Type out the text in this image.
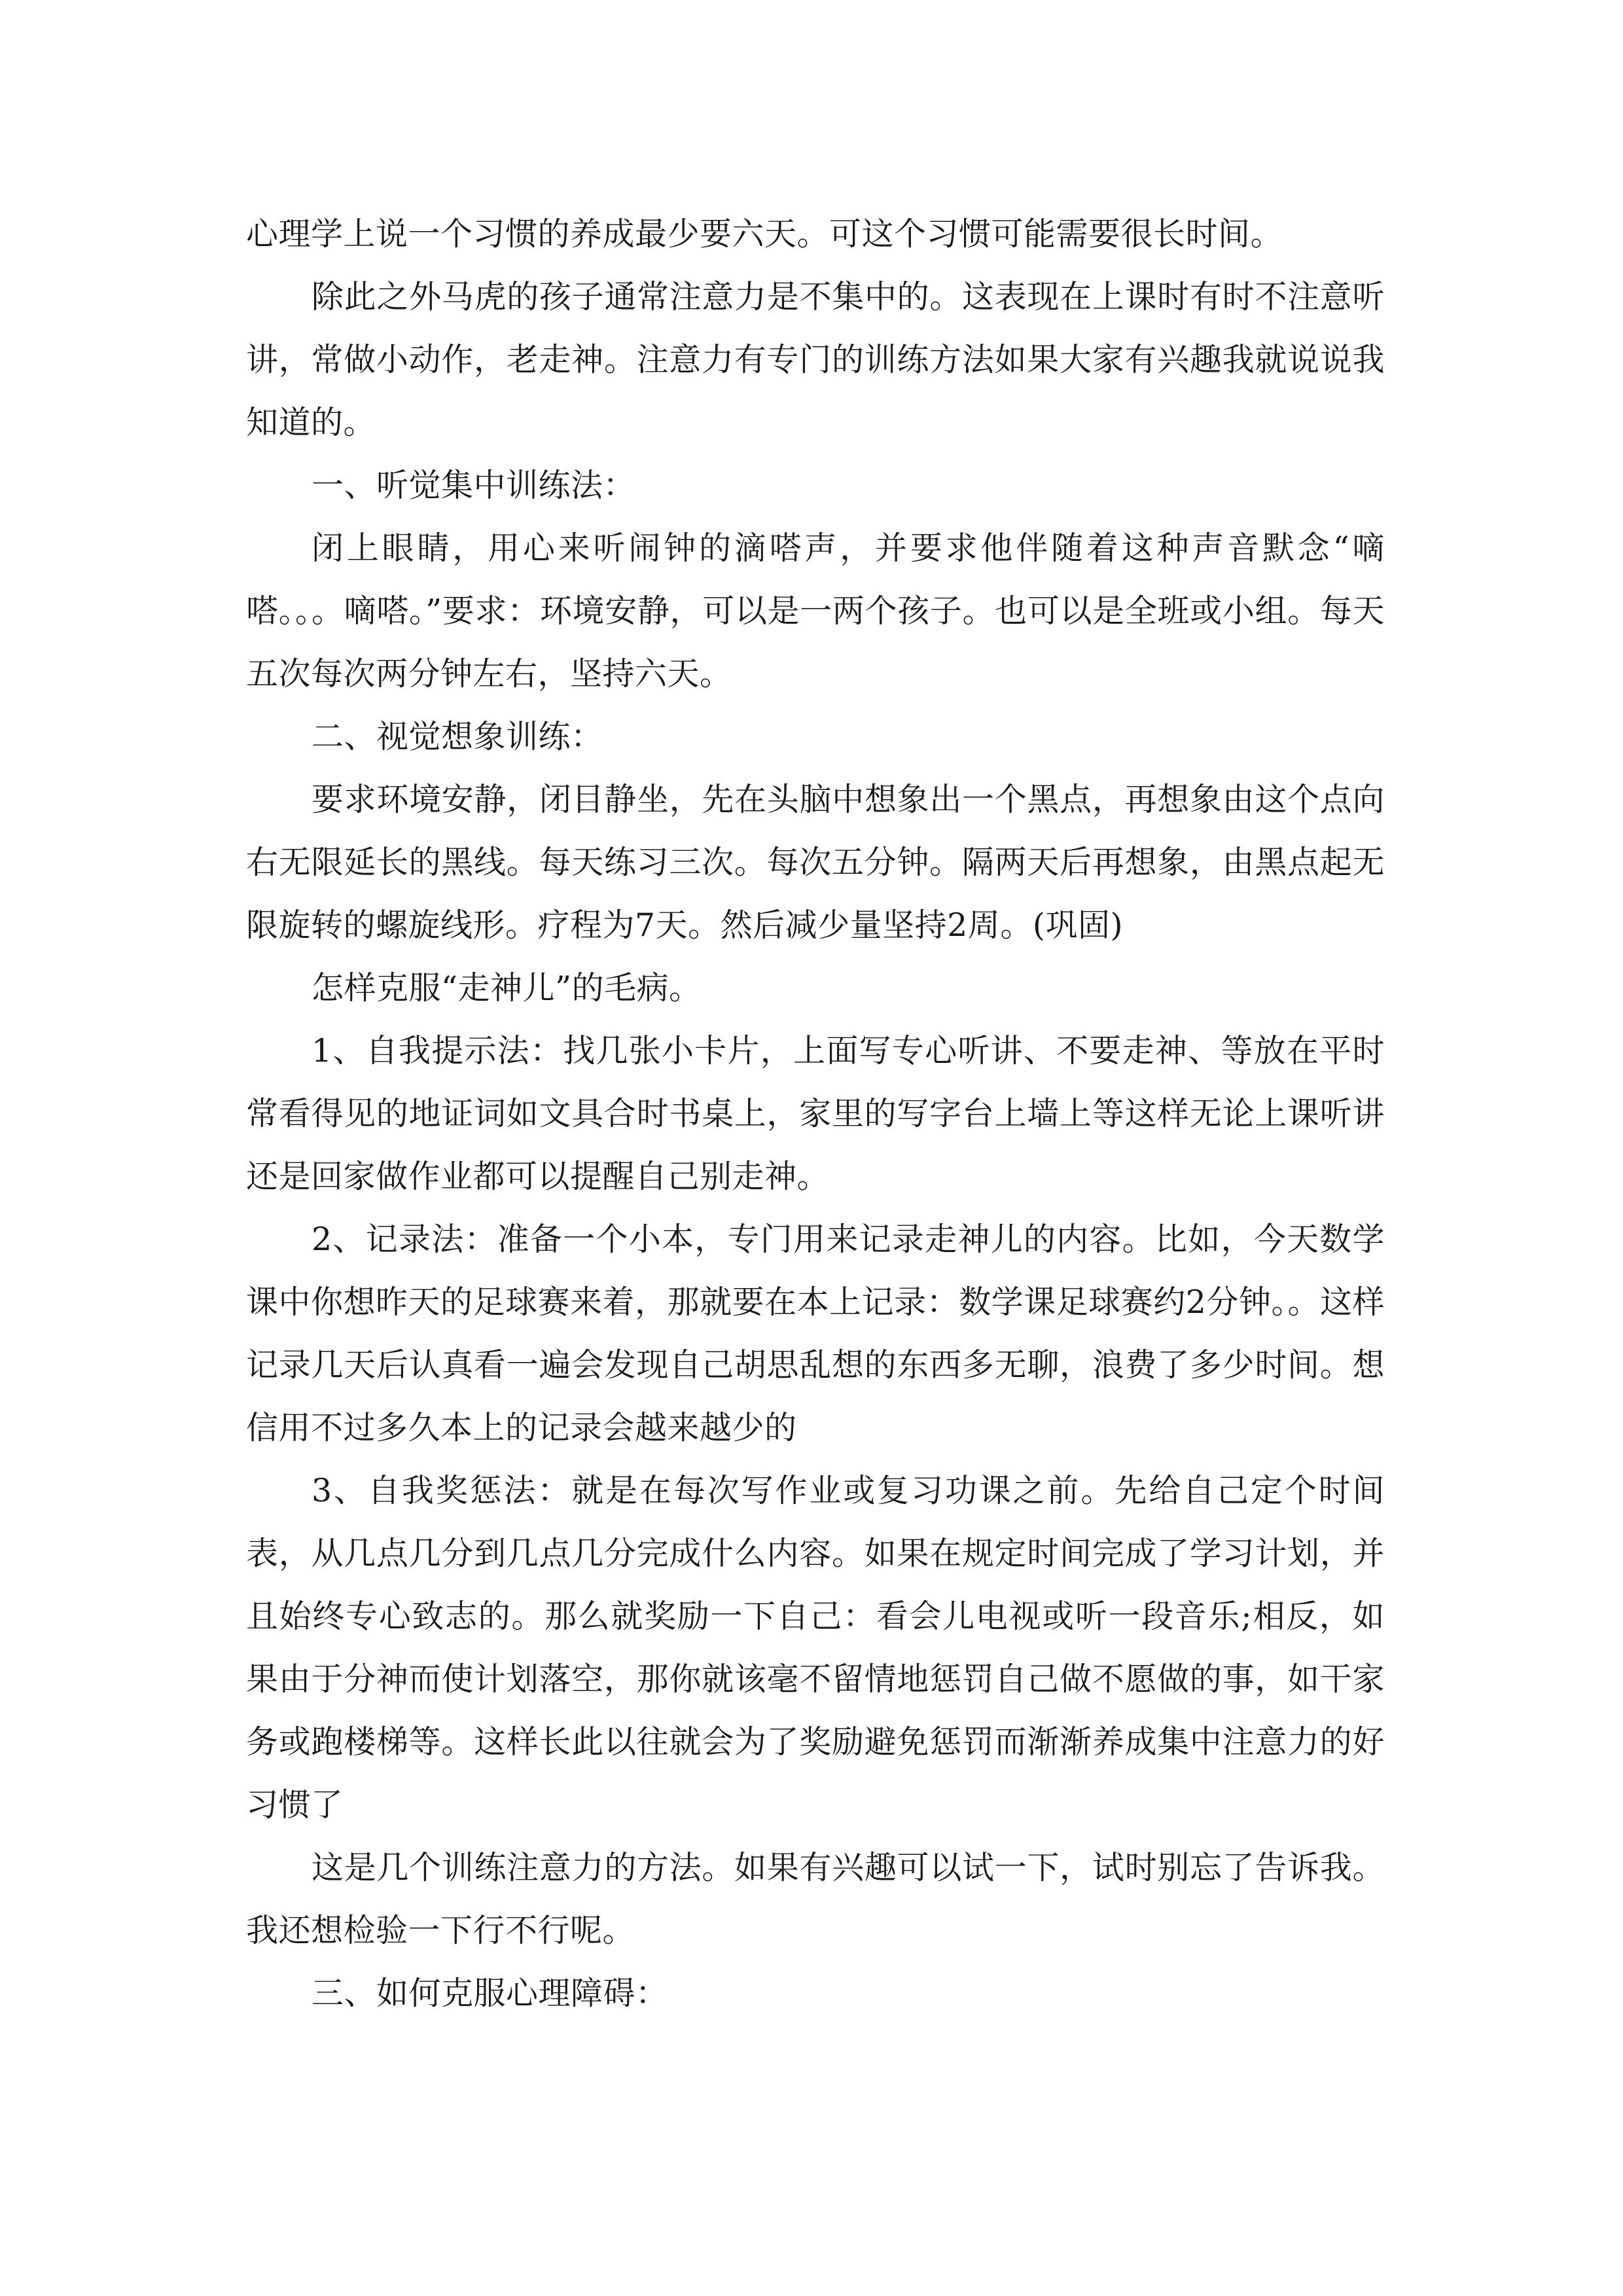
心理学上说一个习惯的养成最少要六天。可这个习惯可能需要很长时间。

除此之外马虎的孩子通常注意力是不集中的。这表现在上课时有时不注意听讲，常做小动作，老走神。注意力有专门的训练方法如果大家有兴趣我就说说我知道的。

一、听觉集中训练法：

闭上眼睛，用心来听闹钟的滴嗒声，并要求他伴随着这种声音默念“嘀嗒。。。嘀嗒。”要求：环境安静，可以是一两个孩子。也可以是全班或小组。每天五次每次两分钟左右，坚持六天。

二、视觉想象训练：

要求环境安静，闭目静坐，先在头脑中想象出一个黑点，再想象由这个点向右无限延长的黑线。每天练习三次。每次五分钟。隔两天后再想象，由黑点起无限旋转的螺旋线形。疗程为7天。然后减少量坚持2周。(巩固)

怎样克服“走神儿”的毛病。

1、自我提示法：找几张小卡片，上面写专心听讲、不要走神、等放在平时常看得见的地证词如文具合时书桌上，家里的写字台上墙上等这样无论上课听讲还是回家做作业都可以提醒自己别走神。

2、记录法：准备一个小本，专门用来记录走神儿的内容。比如，今天数学课中你想昨天的足球赛来着，那就要在本上记录：数学课足球赛约2分钟。。这样记录几天后认真看一遍会发现自己胡思乱想的东西多无聊，浪费了多少时间。想信用不过多久本上的记录会越来越少的

3、自我奖惩法：就是在每次写作业或复习功课之前。先给自己定个时间表，从几点几分到几点几分完成什么内容。如果在规定时间完成了学习计划，并且始终专心致志的。那么就奖励一下自己：看会儿电视或听一段音乐;相反，如果由于分神而使计划落空，那你就该毫不留情地惩罚自己做不愿做的事，如干家务或跑楼梯等。这样长此以往就会为了奖励避免惩罚而渐渐养成集中注意力的好习惯了

这是几个训练注意力的方法。如果有兴趣可以试一下，试时别忘了告诉我。我还想检验一下行不行呢。

三、如何克服心理障碍：
